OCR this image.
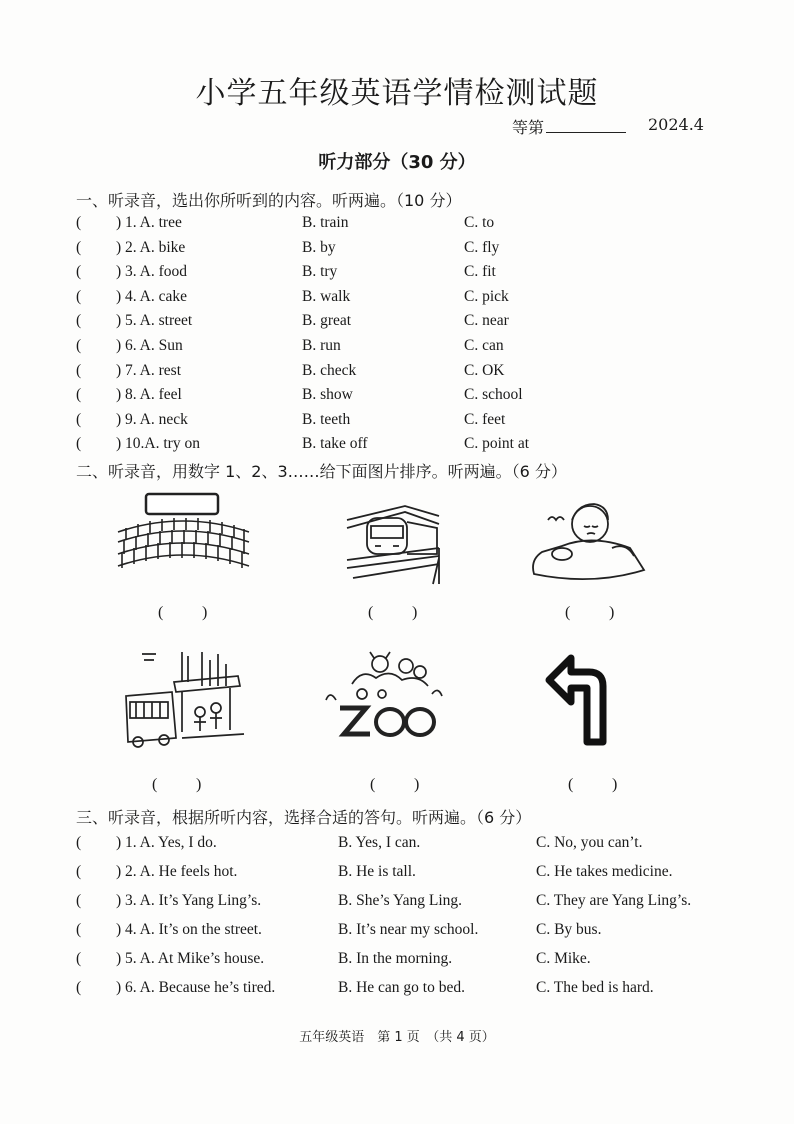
小学五年级英语学情检测试题
等第	2024.4
听力部分（30 分）
一、听录音，选出你所听到的内容。听两遍。（10 分）
( ) 1. A. tree	B. train	C. to
( ) 2. A. bike	B. by	C. fly
( ) 3. A. food	B. try	C. fit
( ) 4. A. cake	B. walk	C. pick
( ) 5. A. street	B. great	C. near
( ) 6. A. Sun	B. run	C. can
( ) 7. A. rest	B. check	C. OK
( ) 8. A. feel	B. show	C. school
( ) 9. A. neck	B. teeth	C. feet
( ) 10.A. try on	B. take off	C. point at
二、听录音，用数字 1、2、3……给下面图片排序。听两遍。（6 分）
( )	( )	( )
( )	( )	( )
三、听录音，根据所听内容，选择合适的答句。听两遍。（6 分）
( ) 1. A. Yes, I do.	B. Yes, I can.	C. No, you can’t.
( ) 2. A. He feels hot.	B. He is tall.	C. He takes medicine.
( ) 3. A. It’s Yang Ling’s.	B. She’s Yang Ling.	C. They are Yang Ling’s.
( ) 4. A. It’s on the street.	B. It’s near my school.	C. By bus.
( ) 5. A. At Mike’s house.	B. In the morning.	C. Mike.
( ) 6. A. Because he’s tired.	B. He can go to bed.	C. The bed is hard.
五年级英语　第 1 页　（共 4 页）
